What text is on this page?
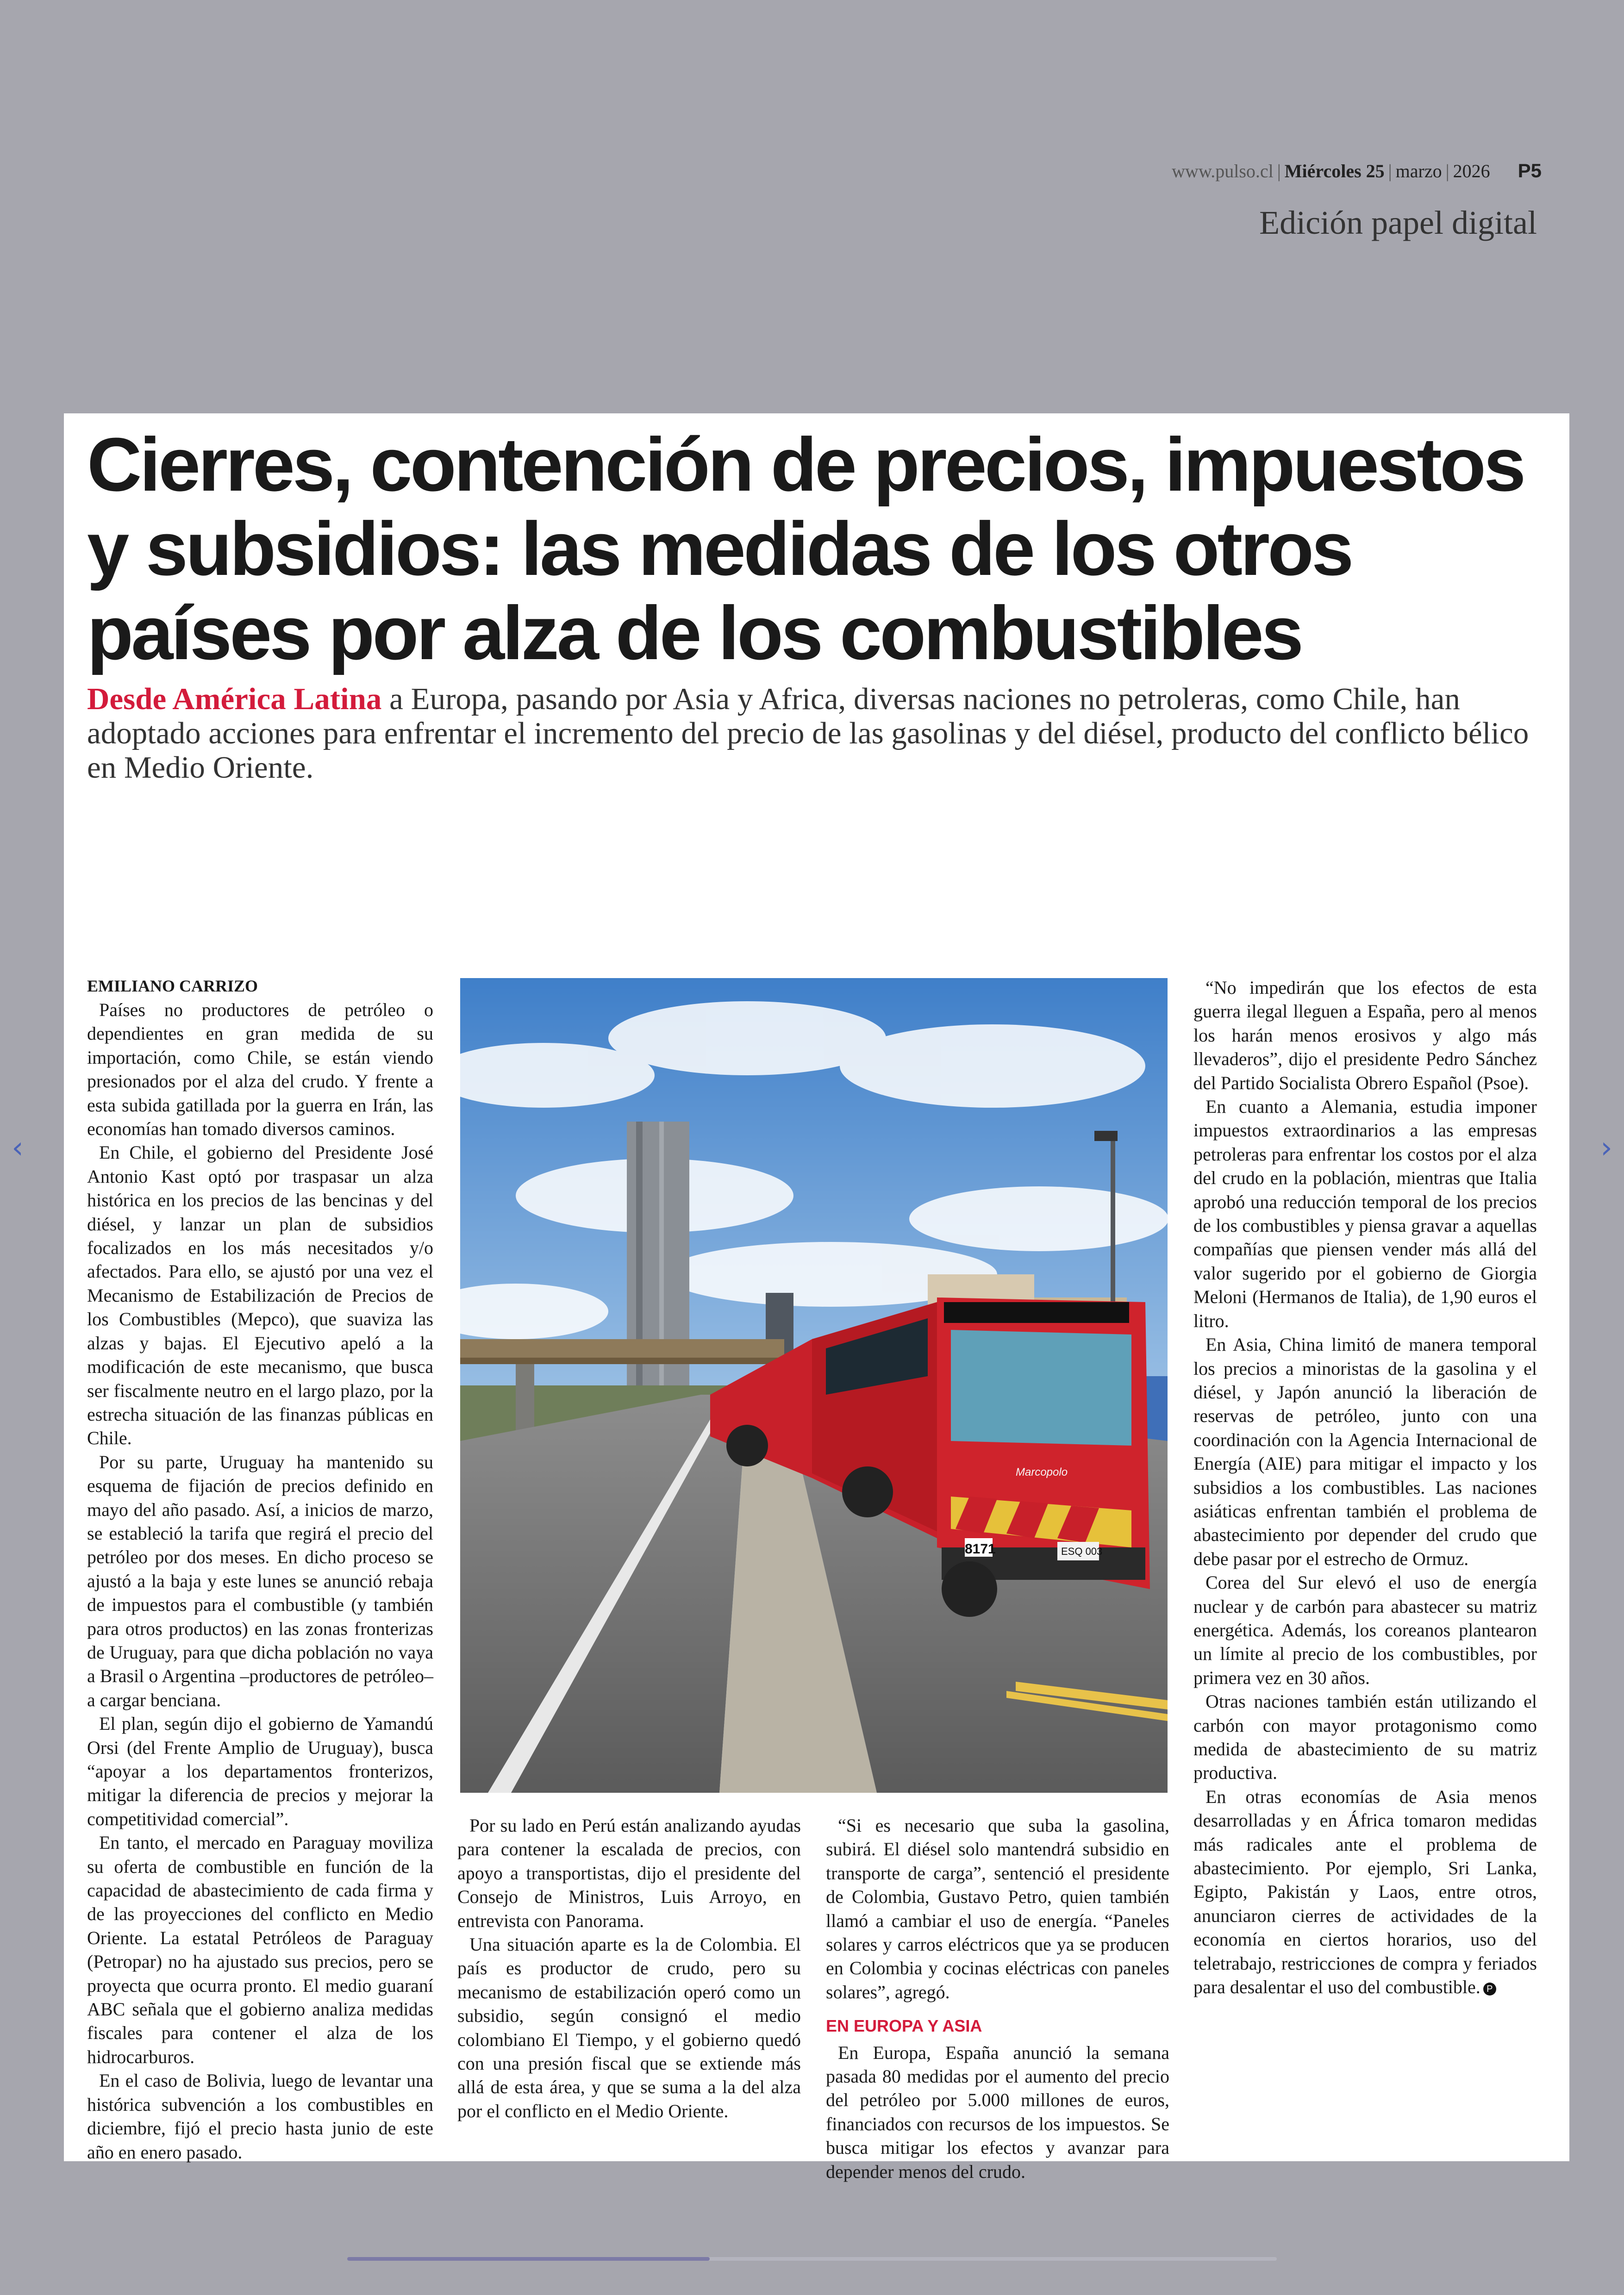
www.pulso.cl | Miércoles 25 | marzo | 2026 P5
Edición papel digital
‹	›
Cierres, contención de precios, impuestos y subsidios: las medidas de los otros países por alza de los combustibles

Desde América Latina a Europa, pasando por Asia y Africa, diversas naciones no petroleras, como Chile, han adoptado acciones para enfrentar el incremento del precio de las gasolinas y del diésel, producto del conflicto bélico en Medio Oriente.

EMILIANO CARRIZO

Países no productores de petróleo o dependientes en gran medida de su importación, como Chile, se están viendo presionados por el alza del crudo. Y frente a esta subida gatillada por la guerra en Irán, las economías han tomado diversos caminos.

En Chile, el gobierno del Presidente José Antonio Kast optó por traspasar un alza histórica en los precios de las bencinas y del diésel, y lanzar un plan de subsidios focalizados en los más necesitados y/o afectados. Para ello, se ajustó por una vez el Mecanismo de Estabilización de Precios de los Combustibles (Mepco), que suaviza las alzas y bajas. El Ejecutivo apeló a la modificación de este mecanismo, que busca ser fiscalmente neutro en el largo plazo, por la estrecha situación de las finanzas públicas en Chile.

Por su parte, Uruguay ha mantenido su esquema de fijación de precios definido en mayo del año pasado. Así, a inicios de marzo, se estableció la tarifa que regirá el precio del petróleo por dos meses. En dicho proceso se ajustó a la baja y este lunes se anunció rebaja de impuestos para el combustible (y también para otros productos) en las zonas fronterizas de Uruguay, para que dicha población no vaya a Brasil o Argentina –productores de petróleo– a cargar benciana.

El plan, según dijo el gobierno de Yamandú Orsi (del Frente Amplio de Uruguay), busca “apoyar a los departamentos fronterizos, mitigar la diferencia de precios y mejorar la competitividad comercial”.

En tanto, el mercado en Paraguay moviliza su oferta de combustible en función de la capacidad de abastecimiento de cada firma y de las proyecciones del conflicto en Medio Oriente. La estatal Petróleos de Paraguay (Petropar) no ha ajustado sus precios, pero se proyecta que ocurra pronto. El medio guaraní ABC señala que el gobierno analiza medidas fiscales para contener el alza de los hidrocarburos.

En el caso de Bolivia, luego de levantar una histórica subvención a los combustibles en diciembre, fijó el precio hasta junio de este año en enero pasado.

8171	ESQ 003
Marcopolo

Por su lado en Perú están analizando ayudas para contener la escalada de precios, con apoyo a transportistas, dijo el presidente del Consejo de Ministros, Luis Arroyo, en entrevista con Panorama.

Una situación aparte es la de Colombia. El país es productor de crudo, pero su mecanismo de estabilización operó como un subsidio, según consignó el medio colombiano El Tiempo, y el gobierno quedó con una presión fiscal que se extiende más allá de esta área, y que se suma a la del alza por el conflicto en el Medio Oriente.

“Si es necesario que suba la gasolina, subirá. El diésel solo mantendrá subsidio en transporte de carga”, sentenció el presidente de Colombia, Gustavo Petro, quien también llamó a cambiar el uso de energía. “Paneles solares y carros eléctricos que ya se producen en Colombia y cocinas eléctricas con paneles solares”, agregó.

EN EUROPA Y ASIA

En Europa, España anunció la semana pasada 80 medidas por el aumento del precio del petróleo por 5.000 millones de euros, financiados con recursos de los impuestos. Se busca mitigar los efectos y avanzar para depender menos del crudo.

“No impedirán que los efectos de esta guerra ilegal lleguen a España, pero al menos los harán menos erosivos y algo más llevaderos”, dijo el presidente Pedro Sánchez del Partido Socialista Obrero Español (Psoe).

En cuanto a Alemania, estudia imponer impuestos extraordinarios a las empresas petroleras para enfrentar los costos por el alza del crudo en la población, mientras que Italia aprobó una reducción temporal de los precios de los combustibles y piensa gravar a aquellas compañías que piensen vender más allá del valor sugerido por el gobierno de Giorgia Meloni (Hermanos de Italia), de 1,90 euros el litro.

En Asia, China limitó de manera temporal los precios a minoristas de la gasolina y el diésel, y Japón anunció la liberación de reservas de petróleo, junto con una coordinación con la Agencia Internacional de Energía (AIE) para mitigar el impacto y los subsidios a los combustibles. Las naciones asiáticas enfrentan también el problema de abastecimiento por depender del crudo que debe pasar por el estrecho de Ormuz.

Corea del Sur elevó el uso de energía nuclear y de carbón para abastecer su matriz energética. Además, los coreanos plantearon un límite al precio de los combustibles, por primera vez en 30 años.

Otras naciones también están utilizando el carbón con mayor protagonismo como medida de abastecimiento de su matriz productiva.

En otras economías de Asia menos desarrolladas y en África tomaron medidas más radicales ante el problema de abastecimiento. Por ejemplo, Sri Lanka, Egipto, Pakistán y Laos, entre otros, anunciaron cierres de actividades de la economía en ciertos horarios, uso del teletrabajo, restricciones de compra y feriados para desalentar el uso del combustible. P
